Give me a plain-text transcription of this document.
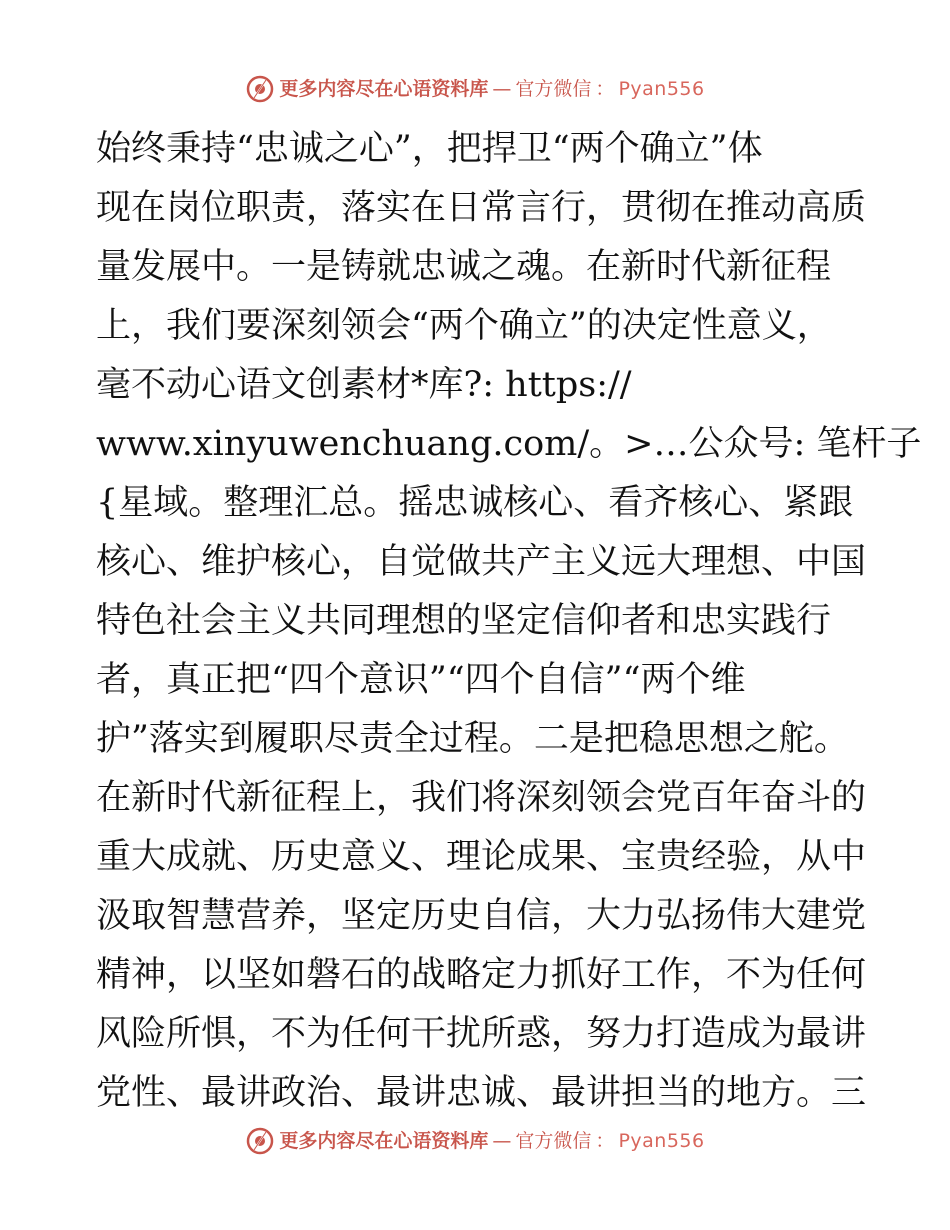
更多内容尽在心语资料库 — 官方微信 ： Pyan556
始终秉持“忠诚之心”，把捍卫“两个确立”体
现在岗位职责，落实在日常言行，贯彻在推动高质
量发展中。一是铸就忠诚之魂。在新时代新征程
上，我们要深刻领会“两个确立”的决定性意义，
毫不动心语文创素材*库?: https://
www.xinyuwenchuang.com/。>…公众号: 笔杆子
{星域。整理汇总。摇忠诚核心、看齐核心、紧跟
核心、维护核心，自觉做共产主义远大理想、中国
特色社会主义共同理想的坚定信仰者和忠实践行
者，真正把“四个意识”“四个自信”“两个维
护”落实到履职尽责全过程。二是把稳思想之舵。
在新时代新征程上，我们将深刻领会党百年奋斗的
重大成就、历史意义、理论成果、宝贵经验，从中
汲取智慧营养，坚定历史自信，大力弘扬伟大建党
精神，以坚如磐石的战略定力抓好工作，不为任何
风险所惧，不为任何干扰所惑，努力打造成为最讲
党性、最讲政治、最讲忠诚、最讲担当的地方。三
更多内容尽在心语资料库 — 官方微信 ： Pyan556
